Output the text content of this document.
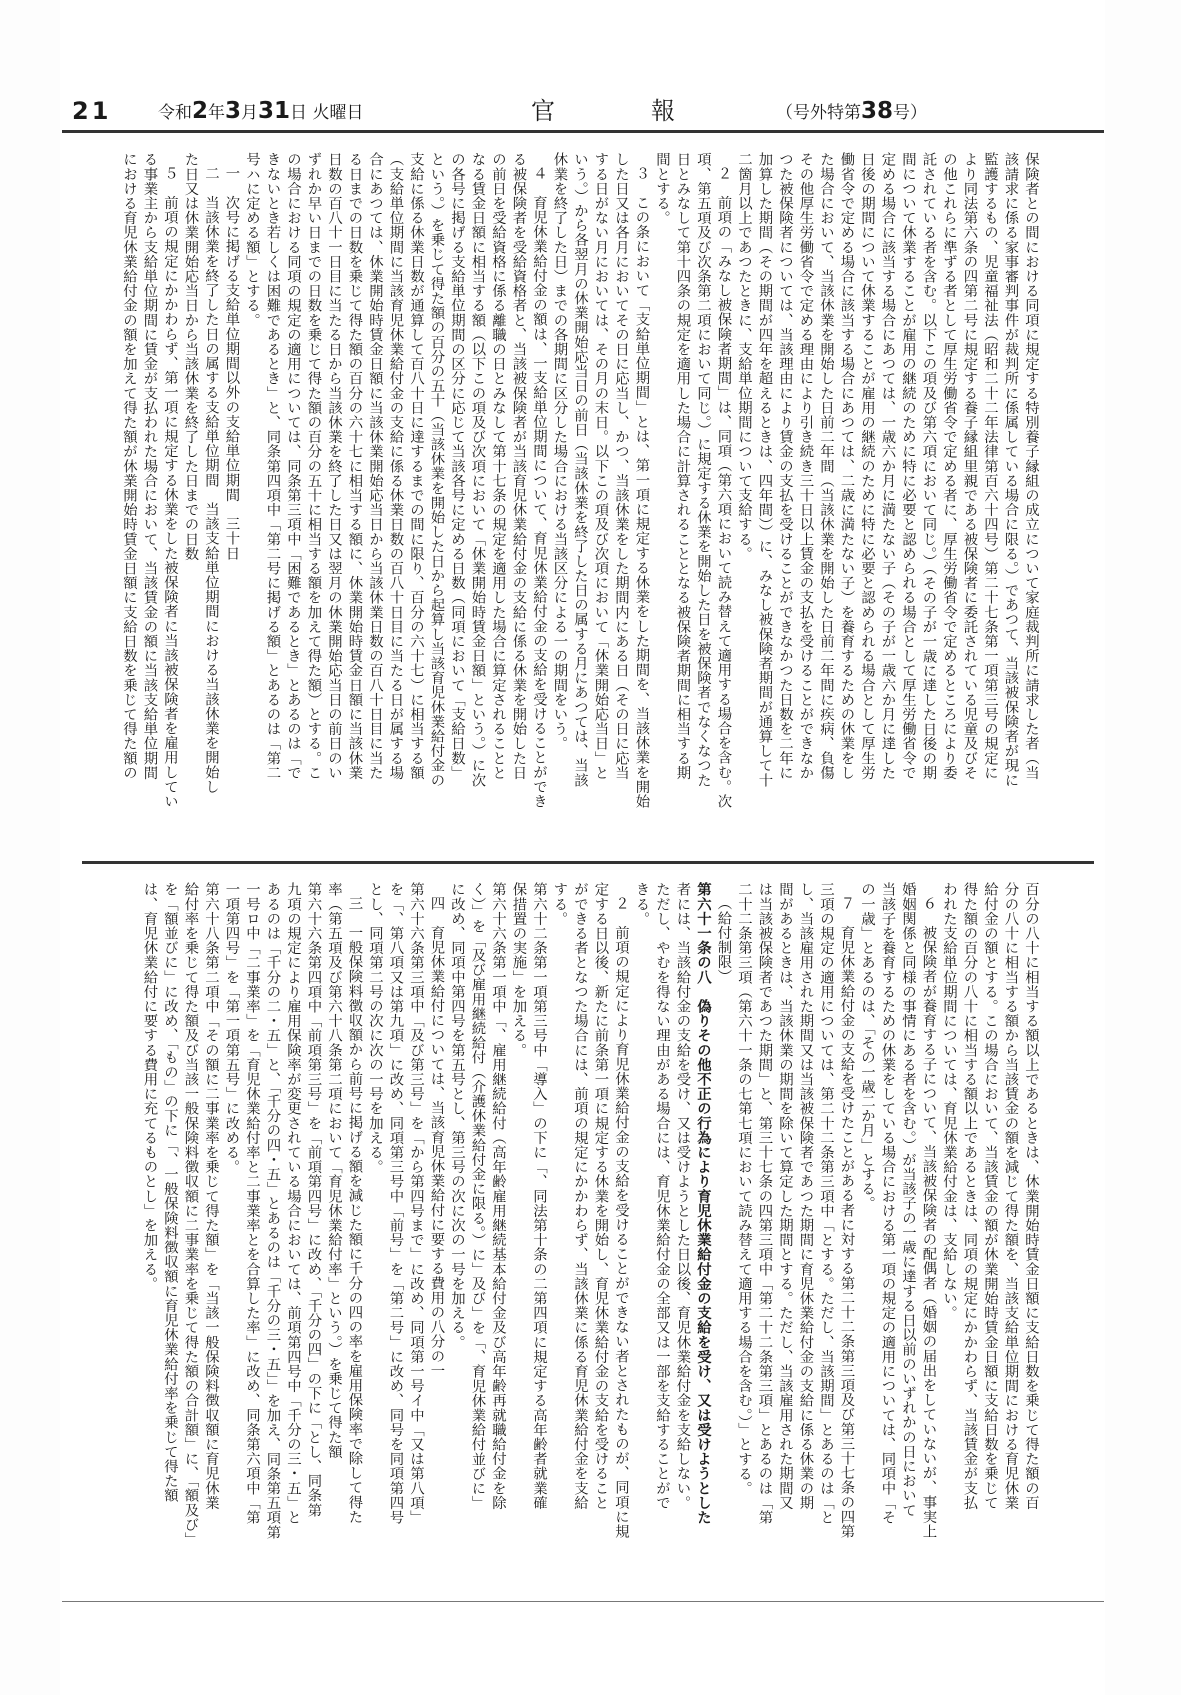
21	令和2年3月31日 火曜日	官	報	（号外特第38号）
保険者との間における同項に規定する特別養子縁組の成立について家庭裁判所に請求した者（当
該請求に係る家事審判事件が裁判所に係属している場合に限る。）であつて、当該被保険者が現に
監護するもの、児童福祉法（昭和二十二年法律第百六十四号）第二十七条第一項第三号の規定に
より同法第六条の四第二号に規定する養子縁組里親である被保険者に委託されている児童及びそ
の他これらに準ずる者として厚生労働省令で定める者に、厚生労働省令で定めるところにより委
託されている者を含む。以下この項及び第六項において同じ。）（その子が一歳に達した日後の期
間について休業することが雇用の継続のために特に必要と認められる場合として厚生労働省令で
定める場合に該当する場合にあつては、一歳六か月に満たない子（その子が一歳六か月に達した
日後の期間について休業することが雇用の継続のために特に必要と認められる場合として厚生労
働省令で定める場合に該当する場合にあつては、二歳に満たない子）を養育するための休業をし
た場合において、当該休業を開始した日前二年間（当該休業を開始した日前二年間に疾病、負傷
その他厚生労働省令で定める理由により引き続き三十日以上賃金の支払を受けることができなか
つた被保険者については、当該理由により賃金の支払を受けることができなかつた日数を二年に
加算した期間（その期間が四年を超えるときは、四年間））に、みなし被保険者期間が通算して十
二箇月以上であつたときに、支給単位期間について支給する。
２　前項の「みなし被保険者期間」は、同項（第六項において読み替えて適用する場合を含む。次
項、第五項及び次条第二項において同じ。）に規定する休業を開始した日を被保険者でなくなつた
日とみなして第十四条の規定を適用した場合に計算されることとなる被保険者期間に相当する期
間とする。
３　この条において「支給単位期間」とは、第一項に規定する休業をした期間を、当該休業を開始
した日又は各月においてその日に応当し、かつ、当該休業をした期間内にある日（その日に応当
する日がない月においては、その月の末日。以下この項及び次項において「休業開始応当日」と
いう。）から各翌月の休業開始応当日の前日（当該休業を終了した日の属する月にあつては、当該
休業を終了した日）までの各期間に区分した場合における当該区分による一の期間をいう。
４　育児休業給付金の額は、一支給単位期間について、育児休業給付金の支給を受けることができ
る被保険者を受給資格者と、当該被保険者が当該育児休業給付金の支給に係る休業を開始した日
の前日を受給資格に係る離職の日とみなして第十七条の規定を適用した場合に算定されることと
なる賃金日額に相当する額（以下この項及び次項において「休業開始時賃金日額」という。）に次
の各号に掲げる支給単位期間の区分に応じて当該各号に定める日数（同項において「支給日数」
という。）を乗じて得た額の百分の五十（当該休業を開始した日から起算し当該育児休業給付金の
支給に係る休業日数が通算して百八十日に達するまでの間に限り、百分の六十七）に相当する額
（支給単位期間に当該育児休業給付金の支給に係る休業日数の百八十日目に当たる日が属する場
合にあつては、休業開始時賃金日額に当該休業開始応当日から当該休業日数の百八十日目に当た
る日までの日数を乗じて得た額の百分の六十七に相当する額に、休業開始時賃金日額に当該休業
日数の百八十一日目に当たる日から当該休業を終了した日又は翌月の休業開始応当日の前日のい
ずれか早い日までの日数を乗じて得た額の百分の五十に相当する額を加えて得た額）とする。こ
の場合における同項の規定の適用については、同条第三項中「困難であるとき」とあるのは「で
きないとき若しくは困難であるとき」と、同条第四項中「第二号に掲げる額」とあるのは「第二
号ハに定める額」とする。
一　次号に掲げる支給単位期間以外の支給単位期間　三十日
二　当該休業を終了した日の属する支給単位期間　当該支給単位期間における当該休業を開始し
た日又は休業開始応当日から当該休業を終了した日までの日数
５　前項の規定にかかわらず、第一項に規定する休業をした被保険者に当該被保険者を雇用してい
る事業主から支給単位期間に賃金が支払われた場合において、当該賃金の額に当該支給単位期間
における育児休業給付金の額を加えて得た額が休業開始時賃金日額に支給日数を乗じて得た額の
百分の八十に相当する額以上であるときは、休業開始時賃金日額に支給日数を乗じて得た額の百
分の八十に相当する額から当該賃金の額を減じて得た額を、当該支給単位期間における育児休業
給付金の額とする。この場合において、当該賃金の額が休業開始時賃金日額に支給日数を乗じて
得た額の百分の八十に相当する額以上であるときは、同項の規定にかかわらず、当該賃金が支払
われた支給単位期間については、育児休業給付金は、支給しない。
６　被保険者が養育する子について、当該被保険者の配偶者（婚姻の届出をしていないが、事実上
婚姻関係と同様の事情にある者を含む。）が当該子の一歳に達する日以前のいずれかの日において
当該子を養育するための休業をしている場合における第一項の規定の適用については、同項中「そ
の一歳」とあるのは、「その一歳二か月」とする。
７　育児休業給付金の支給を受けたことがある者に対する第二十二条第三項及び第三十七条の四第
三項の規定の適用については、第二十二条第三項中「とする。ただし、当該期間」とあるのは「と
し、当該雇用された期間又は当該被保険者であつた期間に育児休業給付金の支給に係る休業の期
間があるときは、当該休業の期間を除いて算定した期間とする。ただし、当該雇用された期間又
は当該被保険者であつた期間」と、第三十七条の四第三項中「第二十二条第三項」とあるのは「第
二十二条第三項（第六十一条の七第七項において読み替えて適用する場合を含む。）」とする。
（給付制限）
第六十一条の八　偽りその他不正の行為により育児休業給付金の支給を受け、又は受けようとした
者には、当該給付金の支給を受け、又は受けようとした日以後、育児休業給付金を支給しない。
ただし、やむを得ない理由がある場合には、育児休業給付金の全部又は一部を支給することがで
きる。
２　前項の規定により育児休業給付金の支給を受けることができない者とされたものが、同項に規
定する日以後、新たに前条第一項に規定する休業を開始し、育児休業給付金の支給を受けること
ができる者となつた場合には、前項の規定にかかわらず、当該休業に係る育児休業給付金を支給
する。
第六十二条第一項第三号中「導入」の下に「、同法第十条の二第四項に規定する高年齢者就業確
保措置の実施」を加える。
第六十六条第一項中「、雇用継続給付（高年齢雇用継続基本給付金及び高年齢再就職給付金を除
く）」を「及び雇用継続給付（介護休業給付金に限る。）に」及び」を「、育児休業給付並びに」
に改め、同項中第四号を第五号とし、第三号の次に次の一号を加える。
四　育児休業給付については、当該育児休業給付に要する費用の八分の一
第六十六条第三項中「及び第三号」を「から第四号まで」に改め、同項第一号イ中「又は第八項」
を「、第八項又は第九項」に改め、同項第三号中「前号」を「第二号」に改め、同号を同項第四号
とし、同項第二号の次に次の一号を加える。
三　一般保険料徴収額から前号に掲げる額を減じた額に千分の四の率を雇用保険率で除して得た
率（第五項及び第六十八条第二項において「育児休業給付率」という。）を乗じて得た額
第六十六条第四項中「前項第三号」を「前項第四号」に改め、「千分の四」の下に「とし、同条第
九項の規定により雇用保険率が変更されている場合においては、前項第四号中「千分の三・五」と
あるのは「千分の二・五」と、「千分の四・五」とあるのは「千分の三・五」」を加え、同条第五項第
一号ロ中「二事業率」を「育児休業給付率と二事業率とを合算した率」に改め、同条第六項中「第
一項第四号」を「第一項第五号」に改める。
第六十八条第二項中「その額に二事業率を乗じて得た額」を「当該一般保険料徴収額に育児休業
給付率を乗じて得た額及び当該一般保険料徴収額に二事業率を乗じて得た額の合計額」に、「額及び」
を「額並びに」に改め、「もの」の下に「、一般保険料徴収額に育児休業給付率を乗じて得た額
は、育児休業給付に要する費用に充てるものとし」を加える。
